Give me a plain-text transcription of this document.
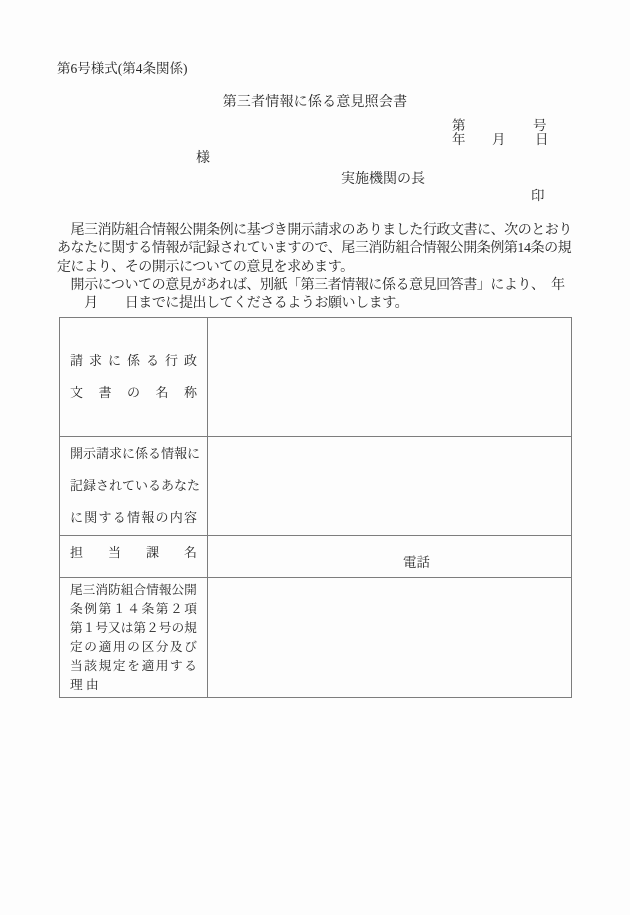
第6号様式(第4条関係)
第三者情報に係る意見照会書
第	号
年 月 日
様
実施機関の長
印
　尾三消防組合情報公開条例に基づき開示請求のありました行政文書に、次のとおり
あなたに関する情報が記録されていますので、尾三消防組合情報公開条例第14条の規
定により、その開示についての意見を求めます。
　開示についての意見があれば、別紙「第三者情報に係る意見回答書」により、　年
　　月　　日までに提出してくださるようお願いします。
請 求 に 係 る 行 政
文 書 の 名 称
開示請求に係る情報に
記録されているあなた
に関する情報の内容
担 当 課 名
電話
尾三消防組合情報公開
条例第１４条第２項
第１号又は第２号の規
定の適用の区分及び
当該規定を適用する
理 由
